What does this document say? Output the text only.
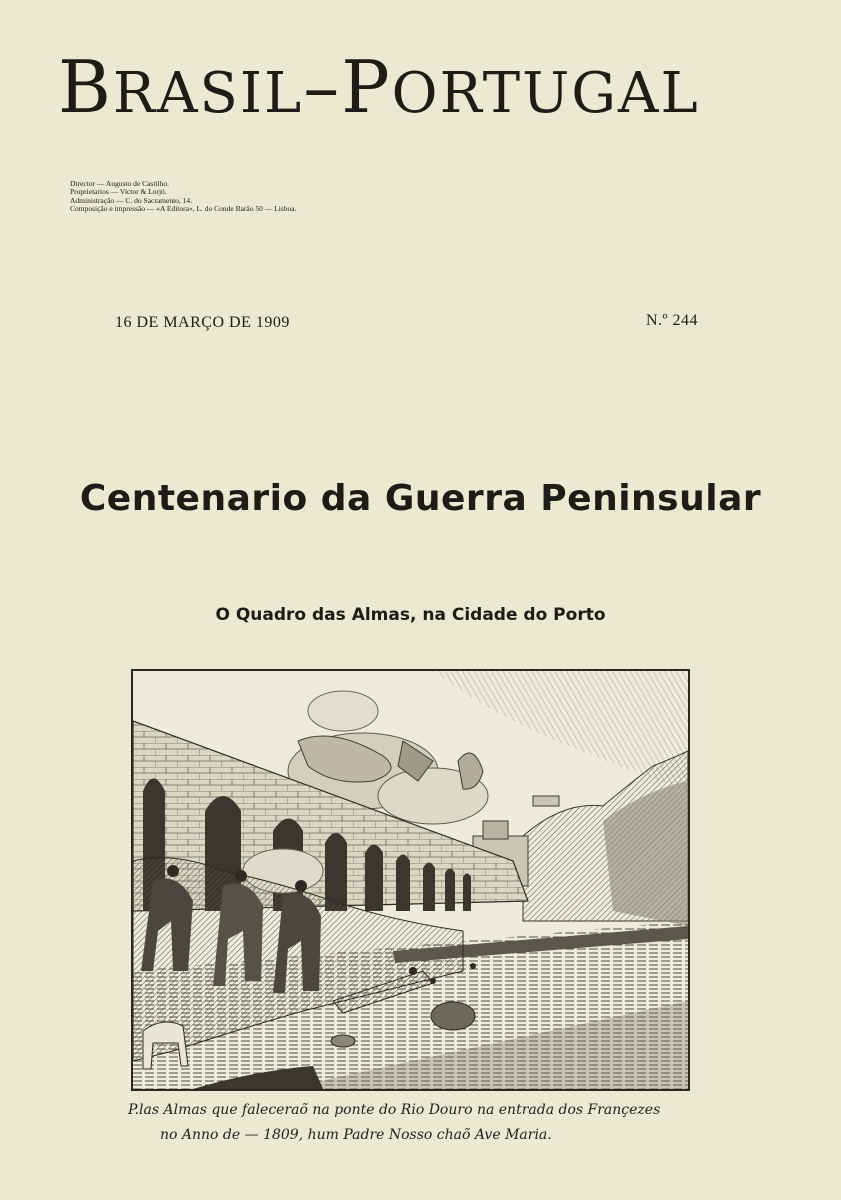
BRASIL–PORTUGAL
Director — Augusto de Castilho.
Proprietarios — Victor & Lorjó.
Administração — C. do Sacramento, 14.
Composição e impressão — «A Editora», L. do Conde Barão 50 — Lisboa.
16 DE MARÇO DE 1909	N.º 244
Centenario da Guerra Peninsular
O Quadro das Almas, na Cidade do Porto
P.las Almas que faleceraõ na ponte do Rio Douro na entrada dos Françezes
no Anno de — 1809, hum Padre Nosso chaõ Ave Maria.
